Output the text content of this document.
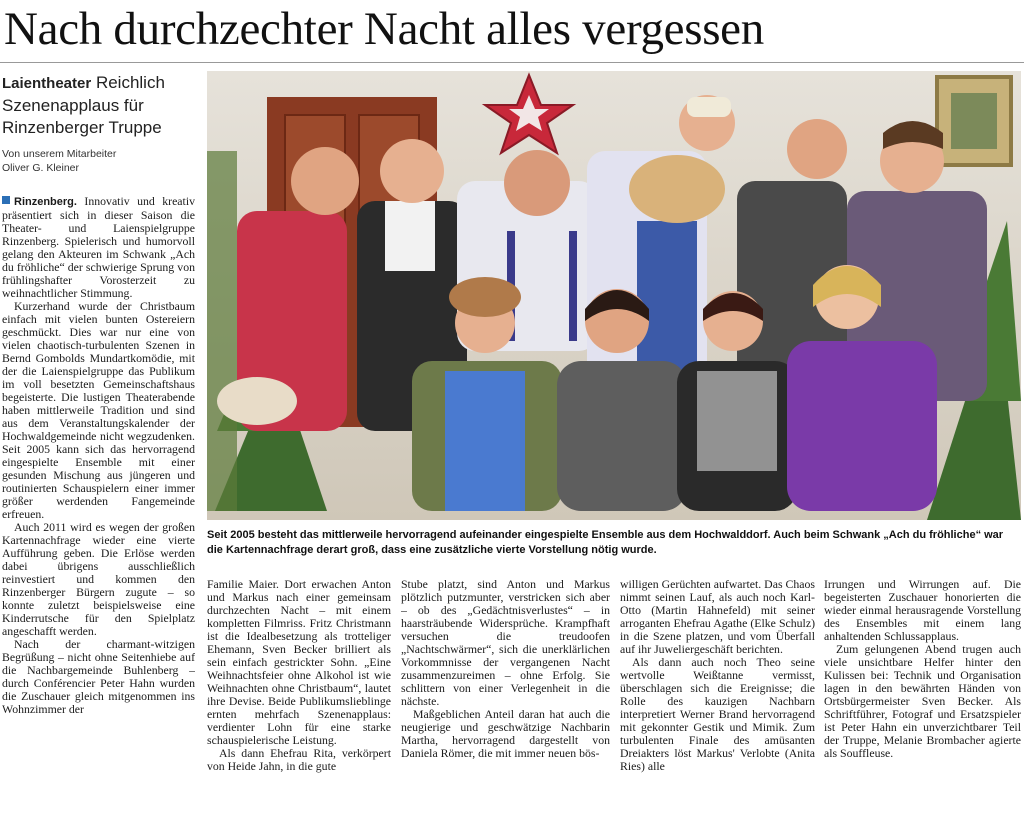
Nach durchzechter Nacht alles vergessen
Laientheater Reichlich Szenenapplaus für Rinzenberger Truppe
Von unserem Mitarbeiter
Oliver G. Kleiner

Rinzenberg. Innovativ und kreativ präsentiert sich in dieser Saison die Theater- und Laienspielgruppe Rinzenberg. Spielerisch und humorvoll gelang den Akteuren im Schwank „Ach du fröhliche“ der schwierige Sprung von frühlingshafter Vorosterzeit zu weihnachtlicher Stimmung.

Kurzerhand wurde der Christbaum einfach mit vielen bunten Ostereiern geschmückt. Dies war nur eine von vielen chaotisch-turbulenten Szenen in Bernd Gombolds Mundartkomödie, mit der die Laienspielgruppe das Publikum im voll besetzten Gemeinschaftshaus begeisterte. Die lustigen Theaterabende haben mittlerweile Tradition und sind aus dem Veranstaltungskalender der Hochwaldgemeinde nicht wegzudenken. Seit 2005 kann sich das hervorragend eingespielte Ensemble mit einer gesunden Mischung aus jüngeren und routinierten Schauspielern einer immer größer werdenden Fangemeinde erfreuen.

Auch 2011 wird es wegen der großen Kartennachfrage wieder eine vierte Aufführung geben. Die Erlöse werden dabei übrigens ausschließlich reinvestiert und kommen den Rinzenberger Bürgern zugute – so konnte zuletzt beispielsweise eine Kinderrutsche für den Spielplatz angeschafft werden.

Nach der charmant-witzigen Begrüßung – nicht ohne Seitenhiebe auf die Nachbargemeinde Buhlenberg – durch Conférencier Peter Hahn wurden die Zuschauer gleich mitgenommen ins Wohnzimmer der

Seit 2005 besteht das mittlerweile hervorragend aufeinander eingespielte Ensemble aus dem Hochwalddorf. Auch beim Schwank „Ach du fröhliche“ war die Kartennachfrage derart groß, dass eine zusätzliche vierte Vorstellung nötig wurde.

Familie Maier. Dort erwachen Anton und Markus nach einer gemeinsam durchzechten Nacht – mit einem kompletten Filmriss. Fritz Christmann ist die Idealbesetzung als trotteliger Ehemann, Sven Becker brilliert als sein einfach gestrickter Sohn. „Eine Weihnachtsfeier ohne Alkohol ist wie Weihnachten ohne Christbaum“, lautet ihre Devise. Beide Publikumslieblinge ernten mehrfach Szenenapplaus: verdienter Lohn für eine starke schauspielerische Leistung.

Als dann Ehefrau Rita, verkörpert von Heide Jahn, in die gute

Stube platzt, sind Anton und Markus plötzlich putzmunter, verstricken sich aber – ob des „Gedächtnisverlustes“ – in haarsträubende Widersprüche. Krampfhaft versuchen die treudoofen „Nachtschwärmer“, sich die unerklärlichen Vorkommnisse der vergangenen Nacht zusammenzureimen – ohne Erfolg. Sie schlittern von einer Verlegenheit in die nächste.

Maßgeblichen Anteil daran hat auch die neugierige und geschwätzige Nachbarin Martha, hervorragend dargestellt von Daniela Römer, die mit immer neuen bös-

willigen Gerüchten aufwartet. Das Chaos nimmt seinen Lauf, als auch noch Karl-Otto (Martin Hahnefeld) mit seiner arroganten Ehefrau Agathe (Elke Schulz) in die Szene platzen, und vom Überfall auf ihr Juweliergeschäft berichten.

Als dann auch noch Theo seine wertvolle Weißtanne vermisst, überschlagen sich die Ereignisse; die Rolle des kauzigen Nachbarn interpretiert Werner Brand hervorragend mit gekonnter Gestik und Mimik. Zum turbulenten Finale des amüsanten Dreiakters löst Markus' Verlobte (Anita Ries) alle

Irrungen und Wirrungen auf. Die begeisterten Zuschauer honorierten die wieder einmal herausragende Vorstellung des Ensembles mit einem lang anhaltenden Schlussapplaus.

Zum gelungenen Abend trugen auch viele unsichtbare Helfer hinter den Kulissen bei: Technik und Organisation lagen in den bewährten Händen von Ortsbürgermeister Sven Becker. Als Schriftführer, Fotograf und Ersatzspieler ist Peter Hahn ein unverzichtbarer Teil der Truppe, Melanie Brombacher agierte als Souffleuse.
